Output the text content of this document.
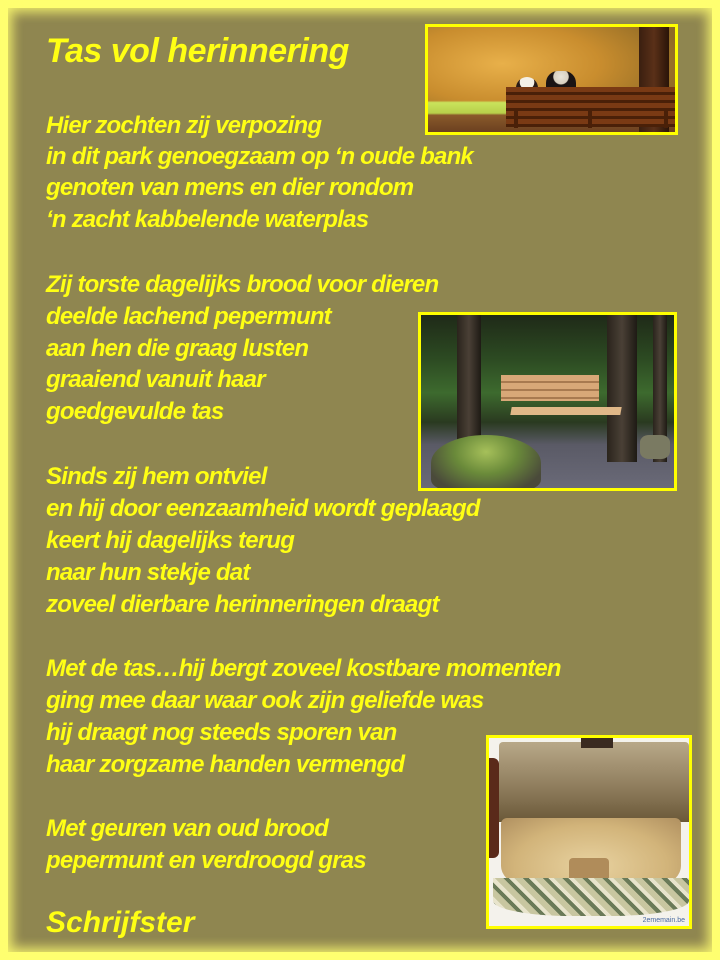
Tas vol herinnering
Hier zochten zij verpozing
in dit park genoegzaam op ‘n oude bank
genoten van mens en dier rondom
‘n zacht kabbelende waterplas
Zij torste dagelijks brood voor dieren
deelde lachend pepermunt
aan hen die graag lusten
graaiend vanuit haar
goedgevulde tas
Sinds zij hem ontviel
en hij door eenzaamheid wordt geplaagd
keert hij dagelijks terug
naar hun stekje dat
zoveel dierbare herinneringen draagt
Met de tas…hij bergt zoveel kostbare momenten
ging mee daar waar ook zijn geliefde was
hij draagt nog steeds sporen van
haar zorgzame handen vermengd
Met geuren van oud brood
pepermunt en verdroogd gras
Schrijfster	2ememain.be
